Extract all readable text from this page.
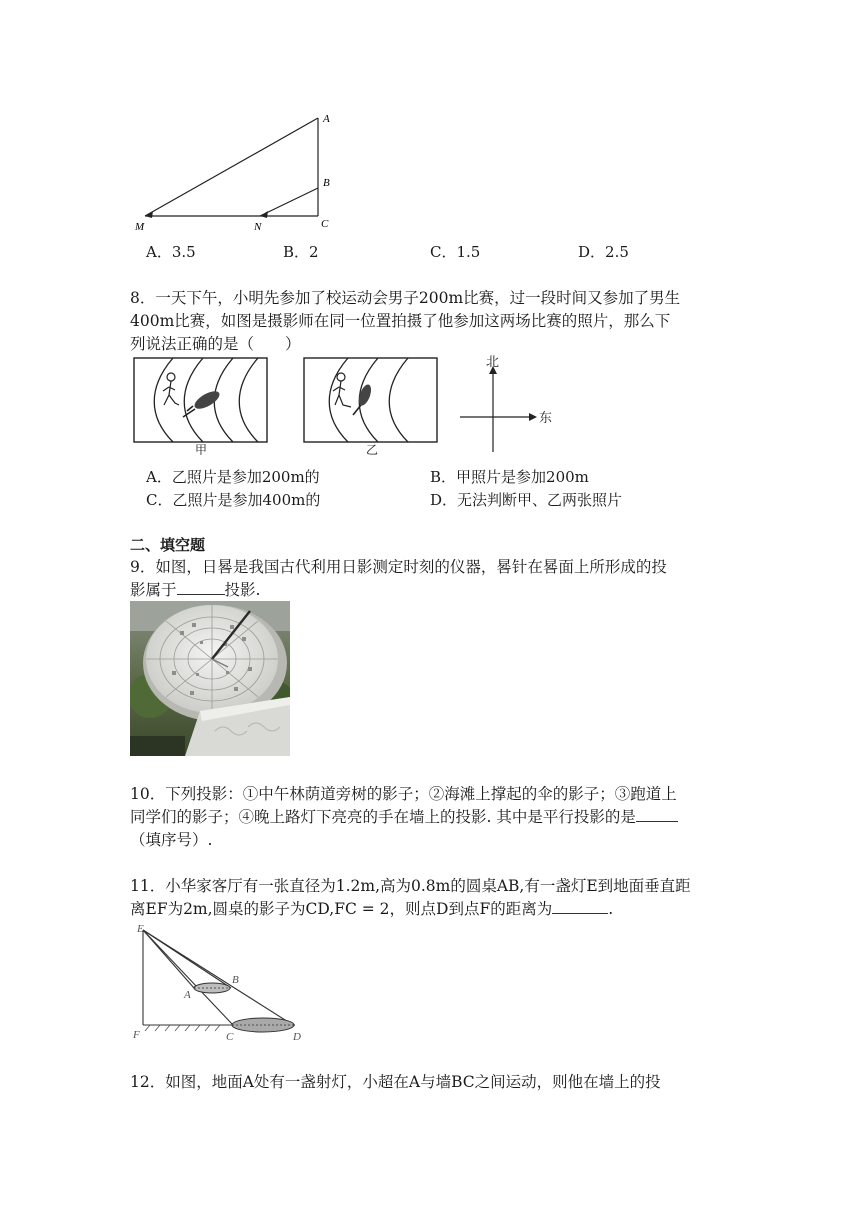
A
B
C
M	N
A．3.5	B．2	C．1.5	D．2.5
8．一天下午，小明先参加了校运动会男子200m比赛，过一段时间又参加了男生
400m比赛，如图是摄影师在同一位置拍摄了他参加这两场比赛的照片，那么下
列说法正确的是（　　）
甲	乙
北
东
A．乙照片是参加200m的	B．甲照片是参加200m
C．乙照片是参加400m的	D．无法判断甲、乙两张照片
二、填空题
9．如图，日晷是我国古代利用日影测定时刻的仪器，晷针在晷面上所形成的投
影属于	投影.
10．下列投影：①中午林荫道旁树的影子；②海滩上撑起的伞的影子；③跑道上
同学们的影子；④晚上路灯下亮亮的手在墙上的投影. 其中是平行投影的是
（填序号）.
11．小华家客厅有一张直径为1.2m,高为0.8m的圆桌AB,有一盏灯E到地面垂直距
离EF为2m,圆桌的影子为CD,FC = 2，则点D到点F的距离为	.
E
B
A
F	C	D
12．如图，地面A处有一盏射灯，小超在A与墙BC之间运动，则他在墙上的投
